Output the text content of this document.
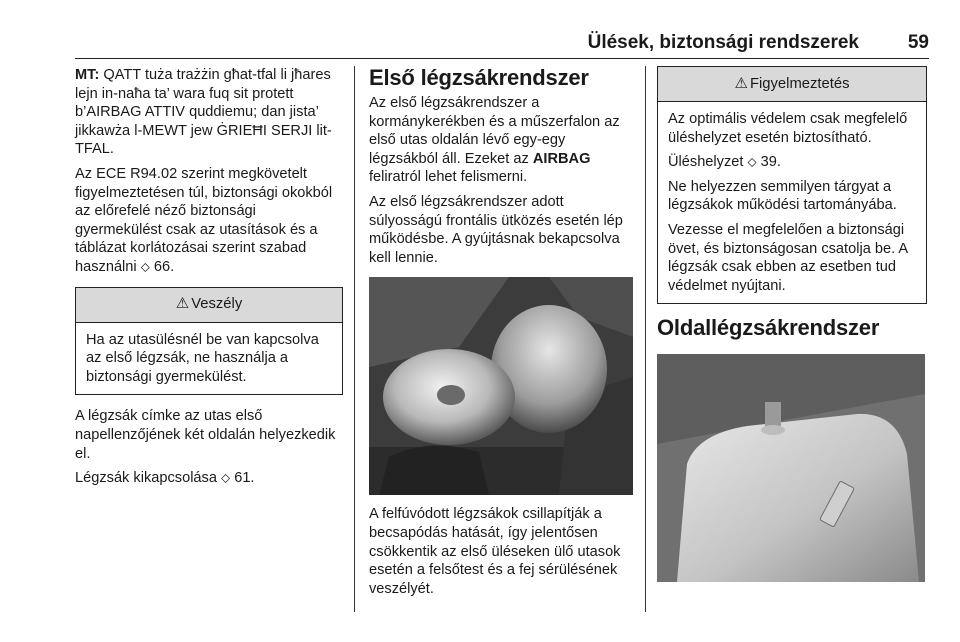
Ülések, biztonsági rendszerek	59

MT: QATT tuża trażżin għat-tfal li jħares lejn in-naħa ta’ wara fuq sit protett b’AIRBAG ATTIV quddiemu; dan jista’ jikkawża l-MEWT jew ĠRIEĦI SERJI lit-TFAL.

Az ECE R94.02 szerint megkövetelt figyelmeztetésen túl, biztonsági okokból az előrefelé néző biztonsági gyermekülést csak az utasítások és a táblázat korlátozásai szerint szabad használni ⬦ 66.

⚠ Veszély
Ha az utasülésnél be van kapcsolva az első légzsák, ne használja a biztonsági gyermekülést.

A légzsák címke az utas első napellenzőjének két oldalán helyezkedik el.

Légzsák kikapcsolása ⬦ 61.

Első légzsákrendszer

Az első légzsákrendszer a kormánykerékben és a műszerfalon az első utas oldalán lévő egy-egy légzsákból áll. Ezeket az AIRBAG feliratról lehet felismerni.

Az első légzsákrendszer adott súlyosságú frontális ütközés esetén lép működésbe. A gyújtásnak bekapcsolva kell lennie.

A felfúvódott légzsákok csillapítják a becsapódás hatását, így jelentősen csökkentik az első üléseken ülő utasok esetén a felsőtest és a fej sérülésének veszélyét.

⚠ Figyelmeztetés

Az optimális védelem csak megfelelő üléshelyzet esetén biztosítható.

Üléshelyzet ⬦ 39.

Ne helyezzen semmilyen tárgyat a légzsákok működési tartományába.

Vezesse el megfelelően a biztonsági övet, és biztonságosan csatolja be. A légzsák csak ebben az esetben tud védelmet nyújtani.

Oldallégzsákrendszer
